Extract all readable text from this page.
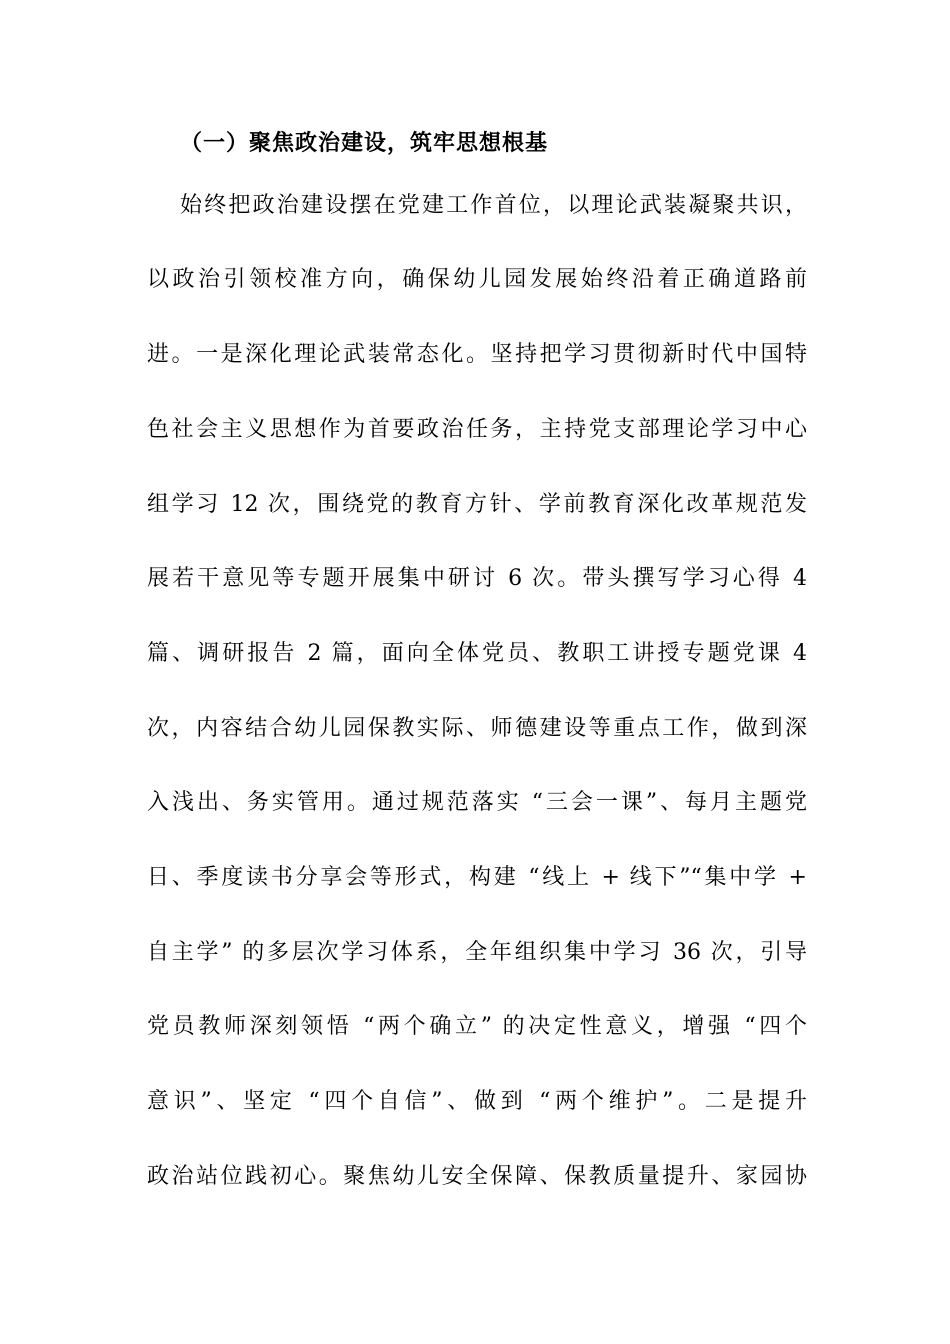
（一）聚焦政治建设，筑牢思想根基
始终把政治建设摆在党建工作首位，以理论武装凝聚共识，
以政治引领校准方向，确保幼儿园发展始终沿着正确道路前
进。一是深化理论武装常态化。坚持把学习贯彻新时代中国特
色社会主义思想作为首要政治任务，主持党支部理论学习中心
组学习 12 次，围绕党的教育方针、学前教育深化改革规范发
展若干意见等专题开展集中研讨 6 次。带头撰写学习心得 4
篇、调研报告 2 篇，面向全体党员、教职工讲授专题党课 4
次，内容结合幼儿园保教实际、师德建设等重点工作，做到深
入浅出、务实管用。通过规范落实 “三会一课”、每月主题党
日、季度读书分享会等形式，构建 “线上 + 线下”“集中学 +
自主学” 的多层次学习体系，全年组织集中学习 36 次，引导
党员教师深刻领悟 “两个确立” 的决定性意义，增强 “四个
意识”、坚定 “四个自信”、做到 “两个维护”。二是提升
政治站位践初心。聚焦幼儿安全保障、保教质量提升、家园协
